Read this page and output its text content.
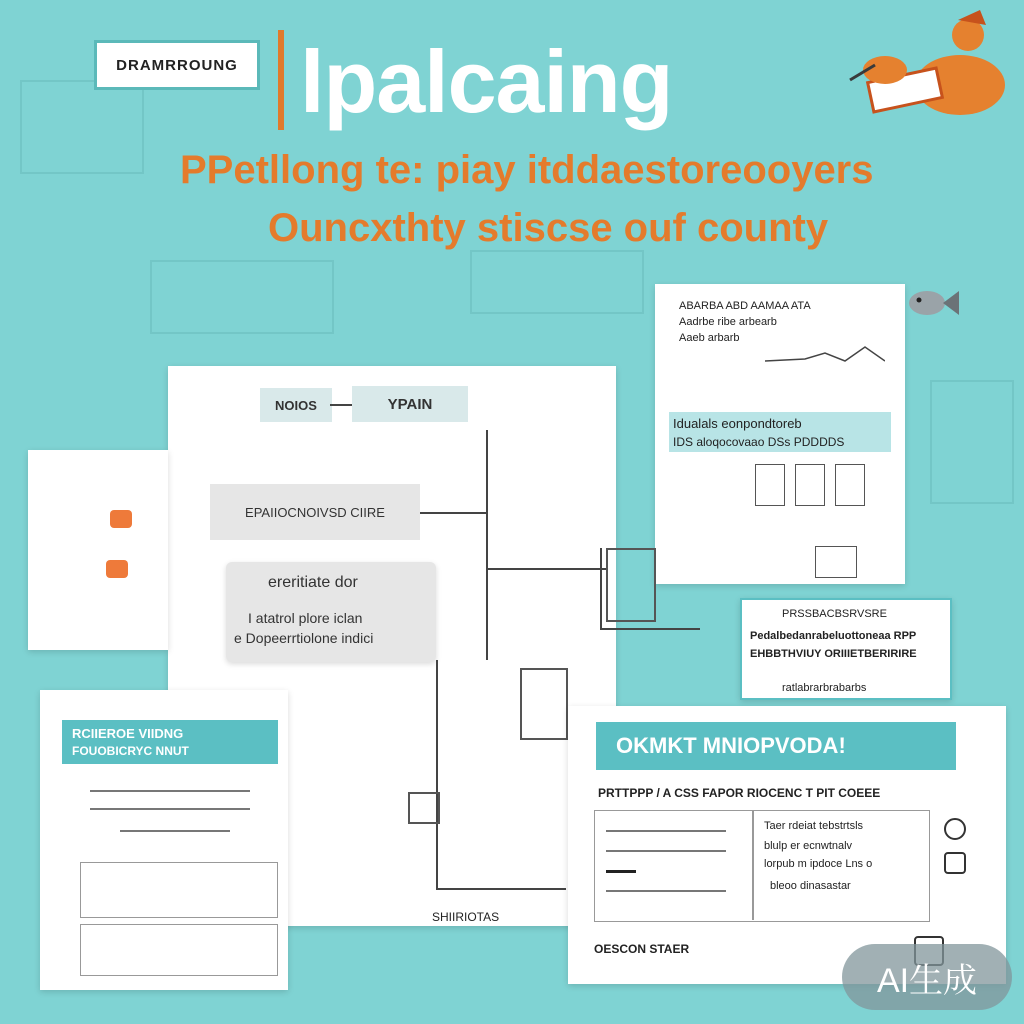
DRAMRROUNG lpalcaing
PPetllong te: piay itddaestoreooyers
Ouncxthty stiscse ouf county
ABARBA ABD AAMAA ATA
Aadrbe ribe arbearb
Aaeb arbarb
Idualals eonpondtoreb
IDS aloqocovaao DSs PDDDDS
PRSSBACBSRVSRE
Pedalbedanrabeluottoneaa RPP
EHBBTHVIUY ORIIIETBERIRIRE
ratlabrarbrabarbs
NOIOS	YPAIN
EPAIIOCNOIVSD CIIRE
ereritiate dor
I atatrol plore iclan
e Dopeerrtiolone indici
SHIIRIOTAS
RCIIEROE VIIDNG
FOUOBICRYC NNUT	OKMKT MNIOPVODA!
PRTTPPP / A CSS FAPOR RIOCENC T PIT COEEE
Taer rdeiat tebstrtsls
blulp er ecnwtnalv
lorpub m ipdoce Lns o
bleoo dinasastar
OESCON STAER
AI生成
